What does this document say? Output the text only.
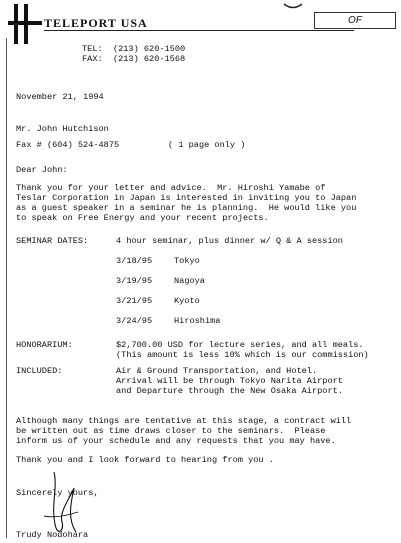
TELEPORT USA	OF
TEL:  (213) 620-1500
FAX:  (213) 620-1568
November 21, 1994
Mr. John Hutchison
Fax # (604) 524-4875	( 1 page only )
Dear John:
Thank you for your letter and advice.  Mr. Hiroshi Yamabe of
Teslar Corporation in Japan is interested in inviting you to Japan
as a guest speaker in a seminar he is planning.  He would like you
to speak on Free Energy and your recent projects.
SEMINAR DATES:	4 hour seminar, plus dinner w/ Q & A session
3/18/95	Tokyo
3/19/95	Nagoya
3/21/95	Kyoto
3/24/95	Hiroshima
HONORARIUM:	$2,700.00 USD for lecture series, and all meals.
(This amount is less 10% which is our commission)
INCLUDED:	Air & Ground Transportation, and Hotel.
Arrival will be through Tokyo Narita Airport
and Departure through the New Osaka Airport.
Although many things are tentative at this stage, a contract will
be written out as time draws closer to the seminars.  Please
inform us of your schedule and any requests that you may have.
Thank you and I look forward to hearing from you .
Sincerely yours,
Trudy Nodohara
